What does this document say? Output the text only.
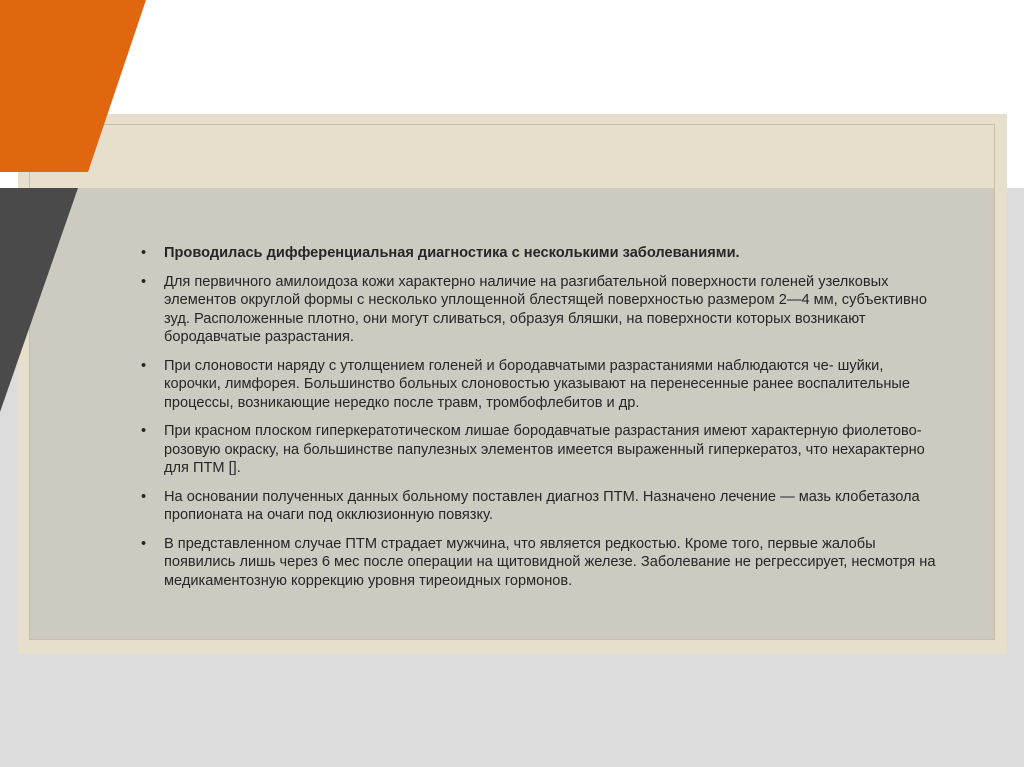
• Проводилась дифференциальная диагностика с несколькими заболеваниями.
• Для первичного амилоидоза кожи характерно наличие на разгибательной поверхности голеней узелковых элементов округлой формы с несколько уплощенной блестящей поверхностью размером 2—4 мм, субъективно зуд. Расположенные плотно, они могут сливаться, образуя бляшки, на поверхности которых возникают бородавчатые разрастания.
• При слоновости наряду с утолщением голеней и бородавчатыми разрастаниями наблюдаются че- шуйки, корочки, лимфорея. Большинство больных слоновостью указывают на перенесенные ранее воспалительные процессы, возникающие нередко после травм, тромбофлебитов и др.
• При красном плоском гиперкератотическом лишае бородавчатые разрастания имеют характерную фиолетово-розовую окраску, на большинстве папулезных элементов имеется выраженный гиперкератоз, что нехарактерно для ПТМ [].
• На основании полученных данных больному поставлен диагноз ПТМ. Назначено лечение — мазь клобетазола пропионата на очаги под окклюзионную повязку.
• В представленном случае ПТМ страдает мужчина, что является редкостью. Кроме того, первые жалобы появились лишь через 6 мес после операции на щитовидной железе. Заболевание не регрессирует, несмотря на медикаментозную коррекцию уровня тиреоидных гормонов.
